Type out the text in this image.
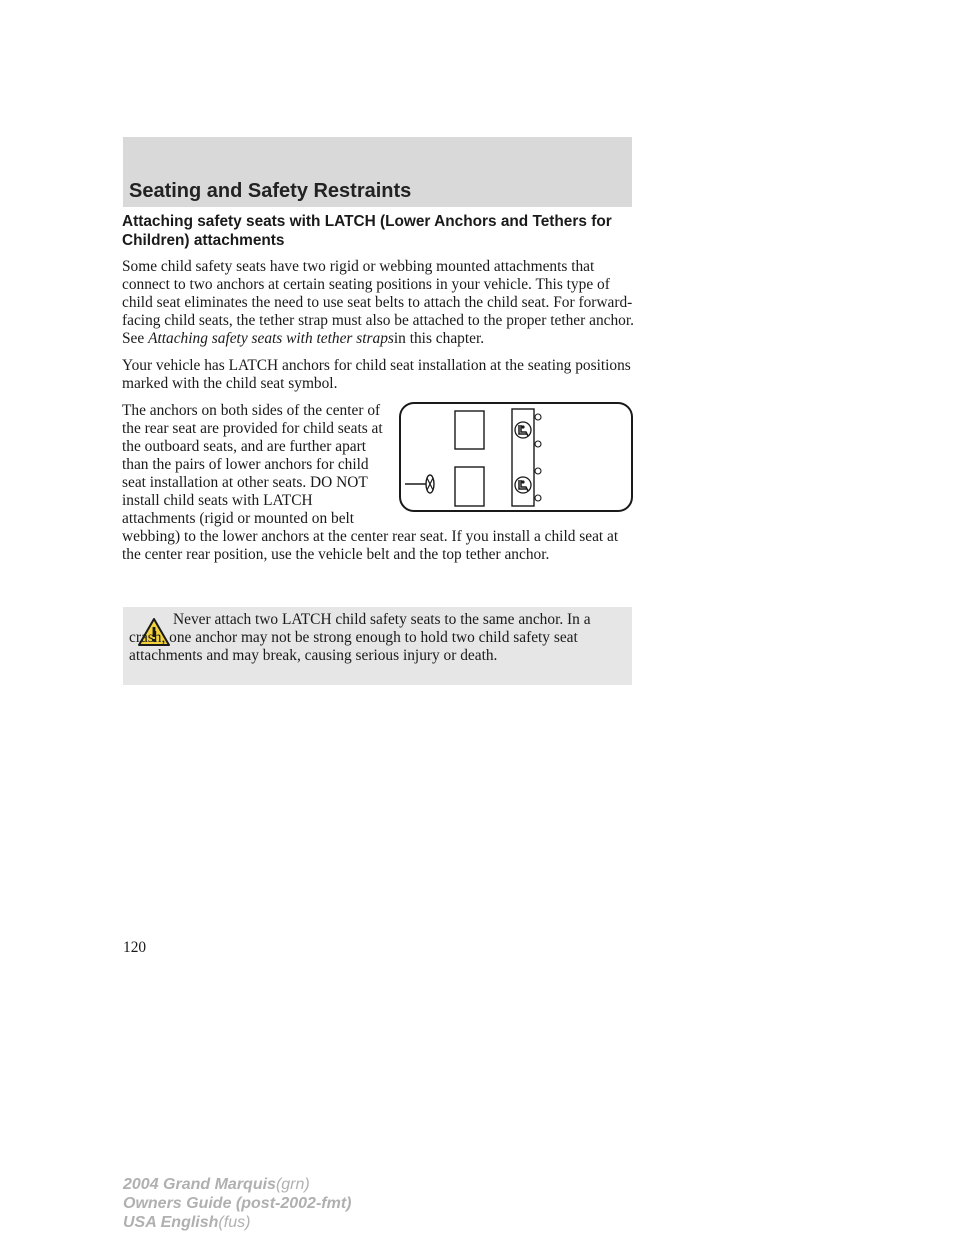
Seating and Safety Restraints
Attaching safety seats with LATCH (Lower Anchors and Tethers for Children) attachments

Some child safety seats have two rigid or webbing mounted attachments that connect to two anchors at certain seating positions in your vehicle. This type of child seat eliminates the need to use seat belts to attach the child seat. For forward-facing child seats, the tether strap must also be attached to the proper tether anchor. See Attaching safety seats with tether strapsin this chapter.

Your vehicle has LATCH anchors for child seat installation at the seating positions marked with the child seat symbol.

The anchors on both sides of the center of the rear seat are provided for child seats at the outboard seats, and are further apart than the pairs of lower anchors for child seat installation at other seats. DO NOT install child seats with LATCH attachments (rigid or mounted on belt webbing) to the lower anchors at the center rear seat. If you install a child seat at the center rear position, use the vehicle belt and the top tether anchor.

Never attach two LATCH child safety seats to the same anchor. In a crash, one anchor may not be strong enough to hold two child safety seat attachments and may break, causing serious injury or death.

120
2004 Grand Marquis(grn)
Owners Guide (post-2002-fmt)
USA English(fus)
